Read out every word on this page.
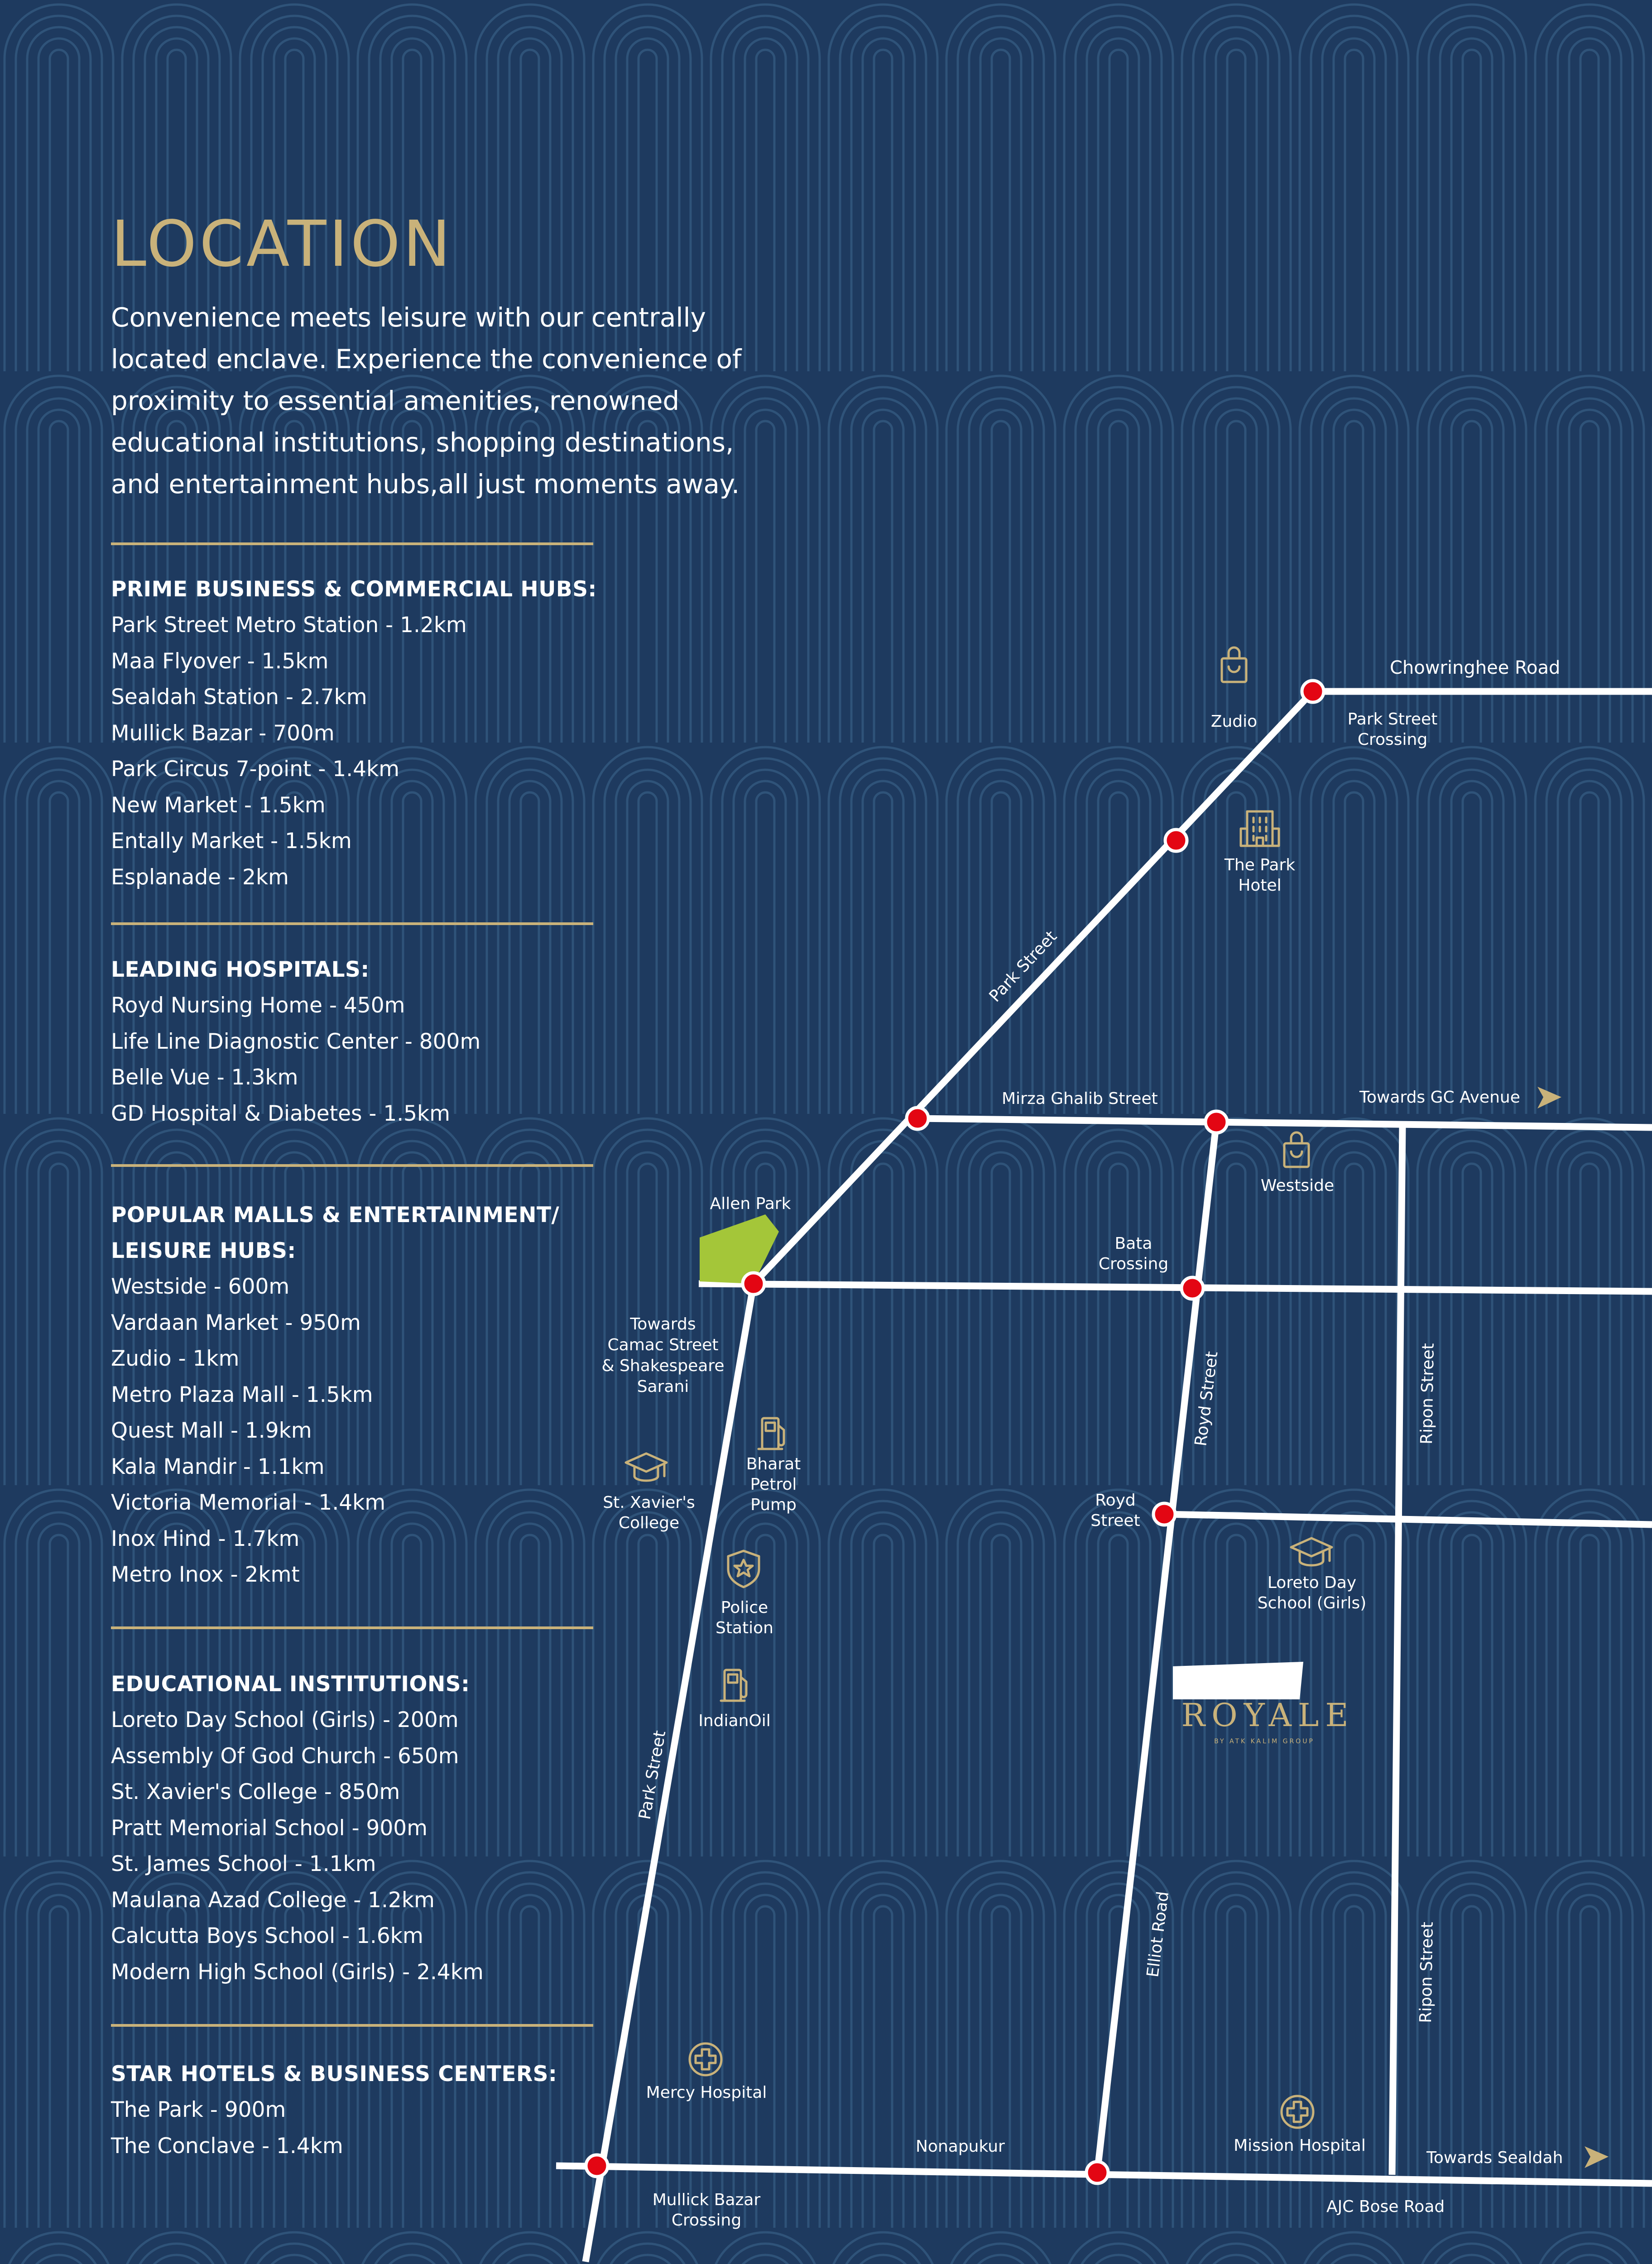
LOCATION

Convenience meets leisure with our centrally located enclave. Experience the convenience of proximity to essential amenities, renowned educational institutions, shopping destinations, and entertainment hubs,all just moments away.

PRIME BUSINESS & COMMERCIAL HUBS:
Park Street Metro Station - 1.2km
Maa Flyover - 1.5km
Sealdah Station - 2.7km
Mullick Bazar - 700m
Park Circus 7-point - 1.4km
New Market - 1.5km
Entally Market - 1.5km
Esplanade - 2km
LEADING HOSPITALS:
Royd Nursing Home - 450m
Life Line Diagnostic Center - 800m
Belle Vue - 1.3km
GD Hospital & Diabetes - 1.5km
POPULAR MALLS & ENTERTAINMENT/
LEISURE HUBS:
Westside - 600m
Vardaan Market - 950m
Zudio - 1km
Metro Plaza Mall - 1.5km
Quest Mall - 1.9km
Kala Mandir - 1.1km
Victoria Memorial - 1.4km
Inox Hind - 1.7km
Metro Inox - 2kmt
EDUCATIONAL INSTITUTIONS:
Loreto Day School (Girls) - 200m
Assembly Of God Church - 650m
St. Xavier's College - 850m
Pratt Memorial School - 900m
St. James School - 1.1km
Maulana Azad College - 1.2km
Calcutta Boys School - 1.6km
Modern High School (Girls) - 2.4km
STAR HOTELS & BUSINESS CENTERS:
The Park - 900m
The Conclave - 1.4km
Chowringhee Road
Park Street
Park Street
Mirza Ghalib Street
Royd Street	Ripon Street
Ripon Street
Elliot Road
Nonapukur
AJC Bose Road
Towards GC Avenue
Towards Sealdah
Towards
Camac Street
& Shakespeare
Sarani
Park Street
Crossing
Bata
Crossing
Royd
Street
Mullick Bazar
Crossing
Zudio
The Park
Hotel
Westside
Allen Park
St. Xavier's
College
Bharat
Petrol
Pump
Police
Station
IndianOil
Loreto Day
School (Girls)
Mercy Hospital
Mission Hospital
ROYALE
BY ATK KALIM GROUP
